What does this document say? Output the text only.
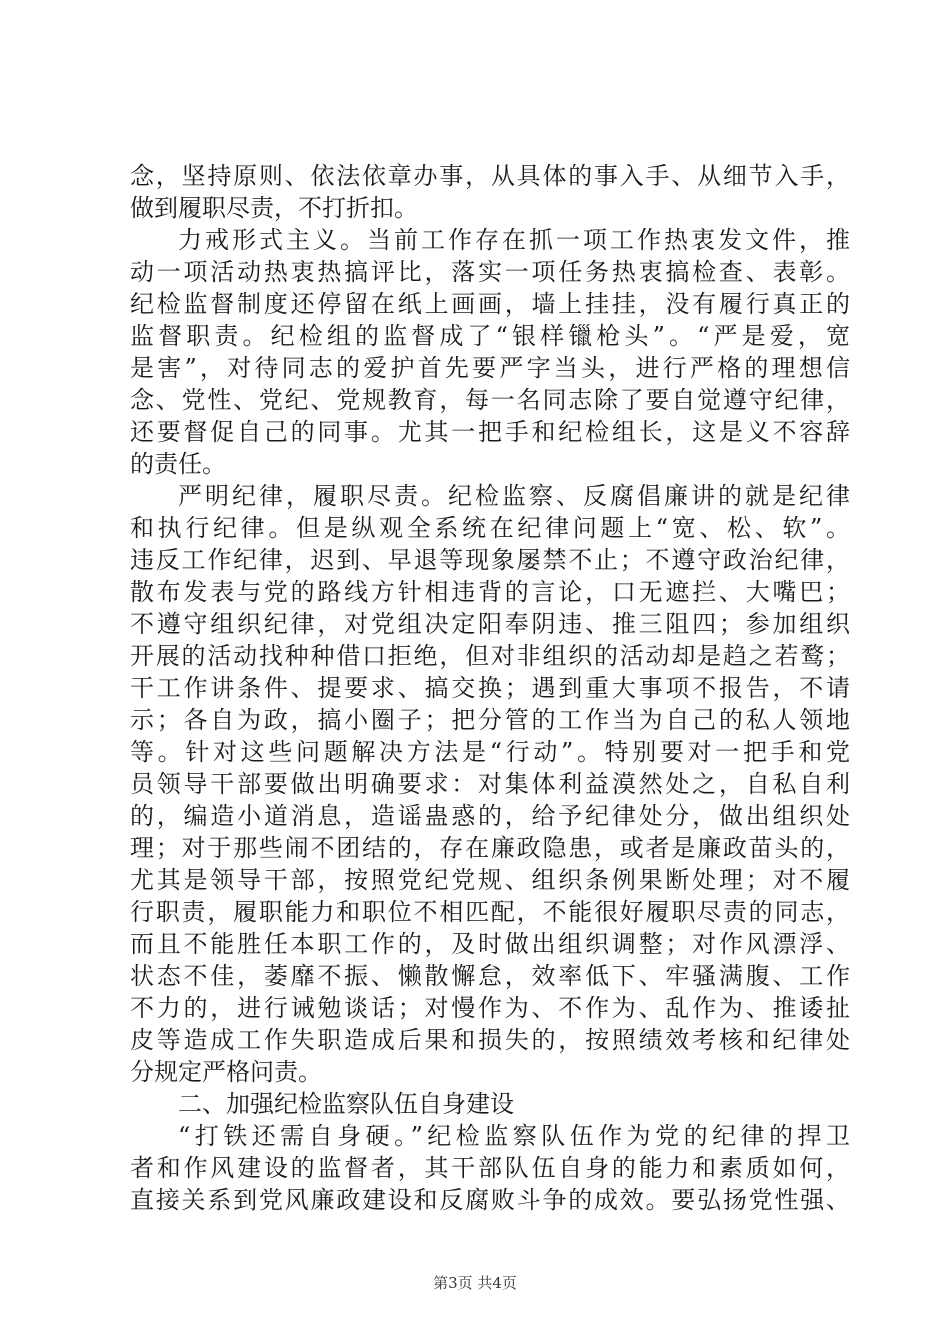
念，坚持原则、依法依章办事，从具体的事入手、从细节入手，
做到履职尽责，不打折扣。
力戒形式主义。当前工作存在抓一项工作热衷发文件，推
动一项活动热衷热搞评比，落实一项任务热衷搞检查、表彰。
纪检监督制度还停留在纸上画画，墙上挂挂，没有履行真正的
监督职责。纪检组的监督成了“银样镴枪头”。“严是爱，宽
是害”，对待同志的爱护首先要严字当头，进行严格的理想信
念、党性、党纪、党规教育，每一名同志除了要自觉遵守纪律，
还要督促自己的同事。尤其一把手和纪检组长，这是义不容辞
的责任。
严明纪律，履职尽责。纪检监察、反腐倡廉讲的就是纪律
和执行纪律。但是纵观全系统在纪律问题上“宽、松、软”。
违反工作纪律，迟到、早退等现象屡禁不止；不遵守政治纪律，
散布发表与党的路线方针相违背的言论，口无遮拦、大嘴巴；
不遵守组织纪律，对党组决定阳奉阴违、推三阻四；参加组织
开展的活动找种种借口拒绝，但对非组织的活动却是趋之若鹜；
干工作讲条件、提要求、搞交换；遇到重大事项不报告，不请
示；各自为政，搞小圈子；把分管的工作当为自己的私人领地
等。针对这些问题解决方法是“行动”。特别要对一把手和党
员领导干部要做出明确要求：对集体利益漠然处之，自私自利
的，编造小道消息，造谣蛊惑的，给予纪律处分，做出组织处
理；对于那些闹不团结的，存在廉政隐患，或者是廉政苗头的，
尤其是领导干部，按照党纪党规、组织条例果断处理；对不履
行职责，履职能力和职位不相匹配，不能很好履职尽责的同志，
而且不能胜任本职工作的，及时做出组织调整；对作风漂浮、
状态不佳，萎靡不振、懒散懈怠，效率低下、牢骚满腹、工作
不力的，进行诫勉谈话；对慢作为、不作为、乱作为、推诿扯
皮等造成工作失职造成后果和损失的，按照绩效考核和纪律处
分规定严格问责。
二、加强纪检监察队伍自身建设
“打铁还需自身硬。”纪检监察队伍作为党的纪律的捍卫
者和作风建设的监督者，其干部队伍自身的能力和素质如何，
直接关系到党风廉政建设和反腐败斗争的成效。要弘扬党性强、
第3页 共4页
